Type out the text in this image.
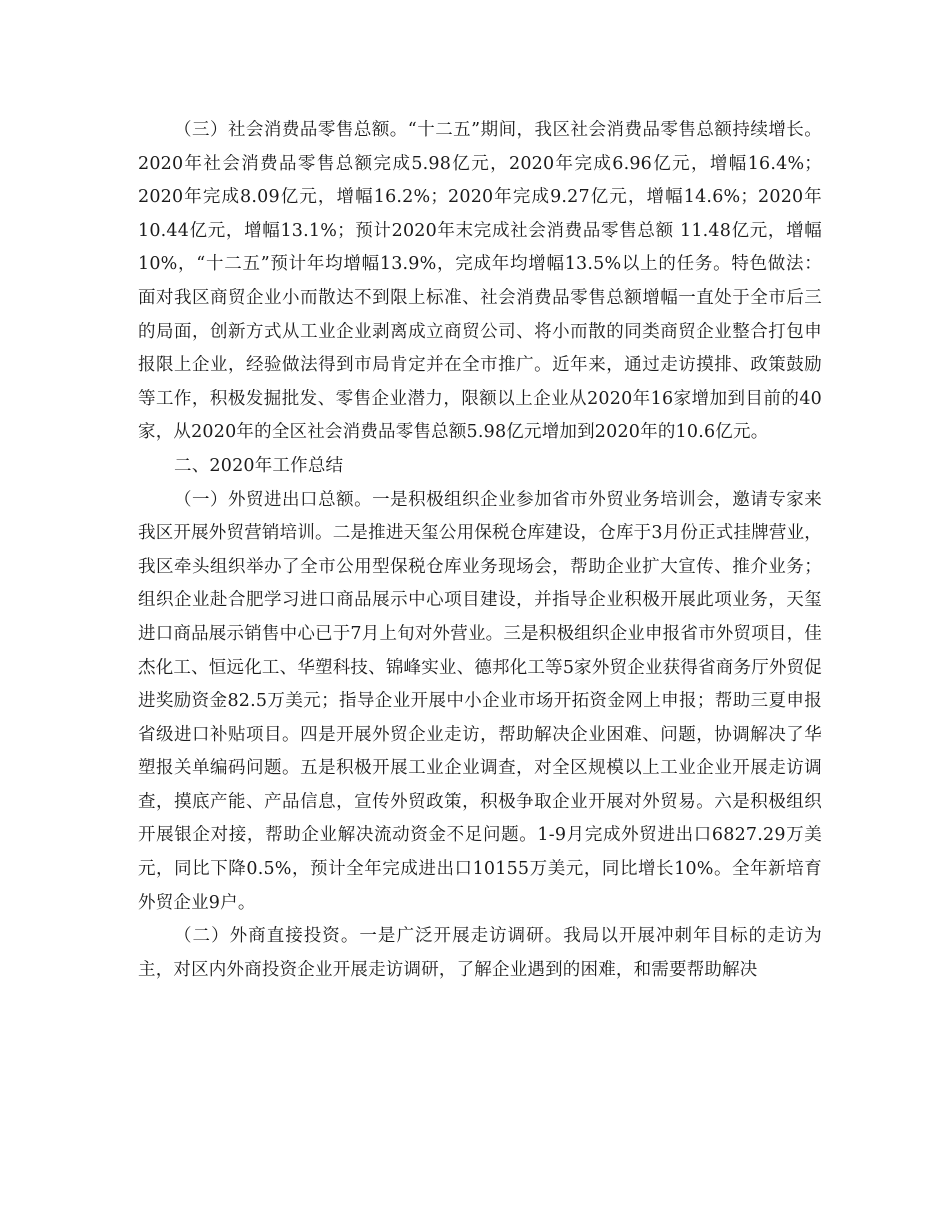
（三）社会消费品零售总额。“十二五”期间，我区社会消费品零售总额持续增长。2020年社会消费品零售总额完成5.98亿元，2020年完成6.96亿元，增幅16.4%；2020年完成8.09亿元，增幅16.2%；2020年完成9.27亿元，增幅14.6%；2020年10.44亿元，增幅13.1%；预计2020年末完成社会消费品零售总额 11.48亿元，增幅10%，“十二五”预计年均增幅13.9%，完成年均增幅13.5%以上的任务。特色做法：面对我区商贸企业小而散达不到限上标准、社会消费品零售总额增幅一直处于全市后三的局面，创新方式从工业企业剥离成立商贸公司、将小而散的同类商贸企业整合打包申报限上企业，经验做法得到市局肯定并在全市推广。近年来，通过走访摸排、政策鼓励等工作，积极发掘批发、零售企业潜力，限额以上企业从2020年16家增加到目前的40家，从2020年的全区社会消费品零售总额5.98亿元增加到2020年的10.6亿元。

二、2020年工作总结

（一）外贸进出口总额。一是积极组织企业参加省市外贸业务培训会，邀请专家来我区开展外贸营销培训。二是推进天玺公用保税仓库建设，仓库于3月份正式挂牌营业，我区牵头组织举办了全市公用型保税仓库业务现场会，帮助企业扩大宣传、推介业务；组织企业赴合肥学习进口商品展示中心项目建设，并指导企业积极开展此项业务，天玺进口商品展示销售中心已于7月上旬对外营业。三是积极组织企业申报省市外贸项目，佳杰化工、恒远化工、华塑科技、锦峰实业、德邦化工等5家外贸企业获得省商务厅外贸促进奖励资金82.5万美元；指导企业开展中小企业市场开拓资金网上申报；帮助三夏申报省级进口补贴项目。四是开展外贸企业走访，帮助解决企业困难、问题，协调解决了华塑报关单编码问题。五是积极开展工业企业调查，对全区规模以上工业企业开展走访调查，摸底产能、产品信息，宣传外贸政策，积极争取企业开展对外贸易。六是积极组织开展银企对接，帮助企业解决流动资金不足问题。1-9月完成外贸进出口6827.29万美元，同比下降0.5%，预计全年完成进出口10155万美元，同比增长10%。全年新培育外贸企业9户。

（二）外商直接投资。一是广泛开展走访调研。我局以开展冲刺年目标的走访为主，对区内外商投资企业开展走访调研，了解企业遇到的困难，和需要帮助解决
